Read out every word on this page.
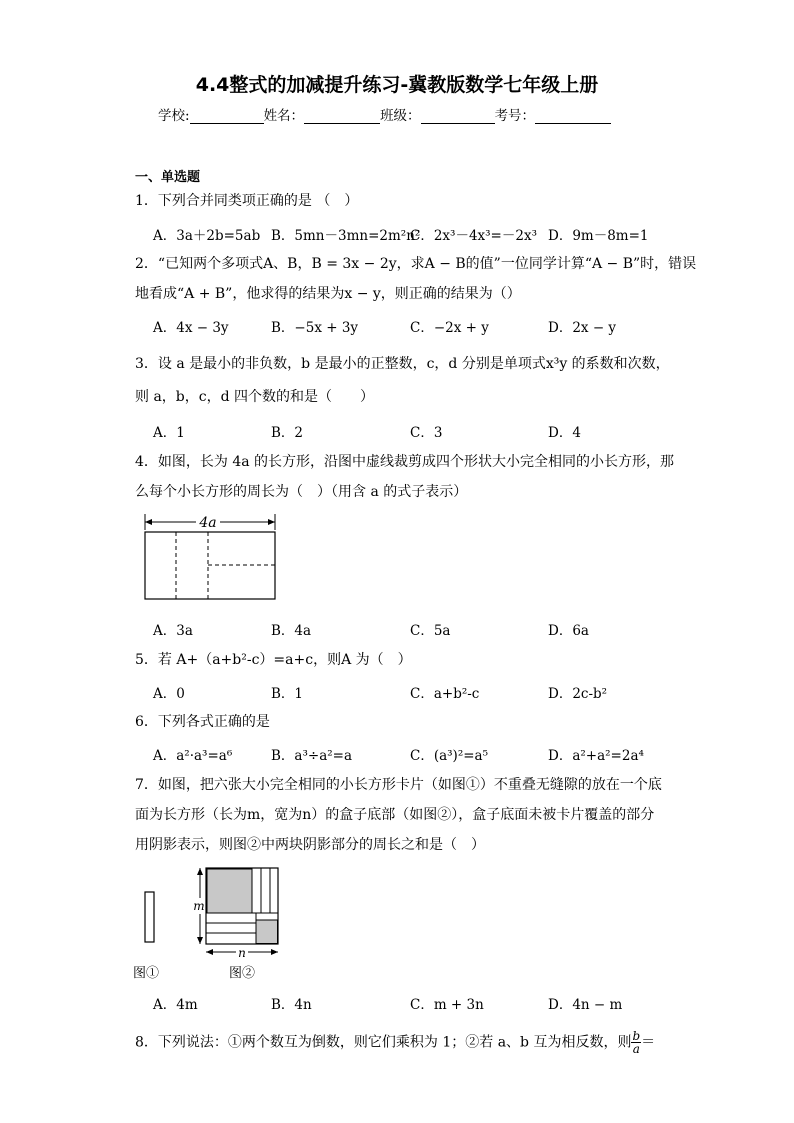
4.4整式的加减提升练习-冀教版数学七年级上册
学校:	姓名：	班级：	考号：
一、单选题
1．下列合并同类项正确的是 （　）
A．3a＋2b=5ab B．5mn－3mn=2m²n²
C．2x³－4x³=－2x³ D．9m－8m=1
2．“已知两个多项式A、B，B = 3x − 2y，求A − B的值”一位同学计算“A − B”时，错误
地看成“A + B”，他求得的结果为x − y，则正确的结果为（）
A．4x − 3y	B．−5x + 3y	C．−2x + y	D．2x − y
3．设 a 是最小的非负数，b 是最小的正整数，c，d 分别是单项式x³y 的系数和次数，
则 a，b，c，d 四个数的和是（　　）
A．1	B．2	C．3	D．4
4．如图，长为 4a 的长方形，沿图中虚线裁剪成四个形状大小完全相同的小长方形，那
么每个小长方形的周长为（　）（用含 a 的式子表示）
4a
A．3a	B．4a	C．5a	D．6a
5．若 A+（a+b²-c）=a+c，则A 为（　）
A．0	B．1	C．a+b²-c	D．2c-b²
6．下列各式正确的是
A．a²·a³=a⁶	B．a³÷a²=a	C．(a³)²=a⁵	D．a²+a²=2a⁴
7．如图，把六张大小完全相同的小长方形卡片（如图①）不重叠无缝隙的放在一个底
面为长方形（长为m，宽为n）的盒子底部（如图②），盒子底面未被卡片覆盖的部分
用阴影表示，则图②中两块阴影部分的周长之和是（　）
m
n
图①	图②
A．4m	B．4n	C．m + 3n	D．4n − m
8．下列说法：①两个数互为倒数，则它们乘积为 1；②若 a、b 互为相反数，则 $\frac{b}{a}$ ＝
